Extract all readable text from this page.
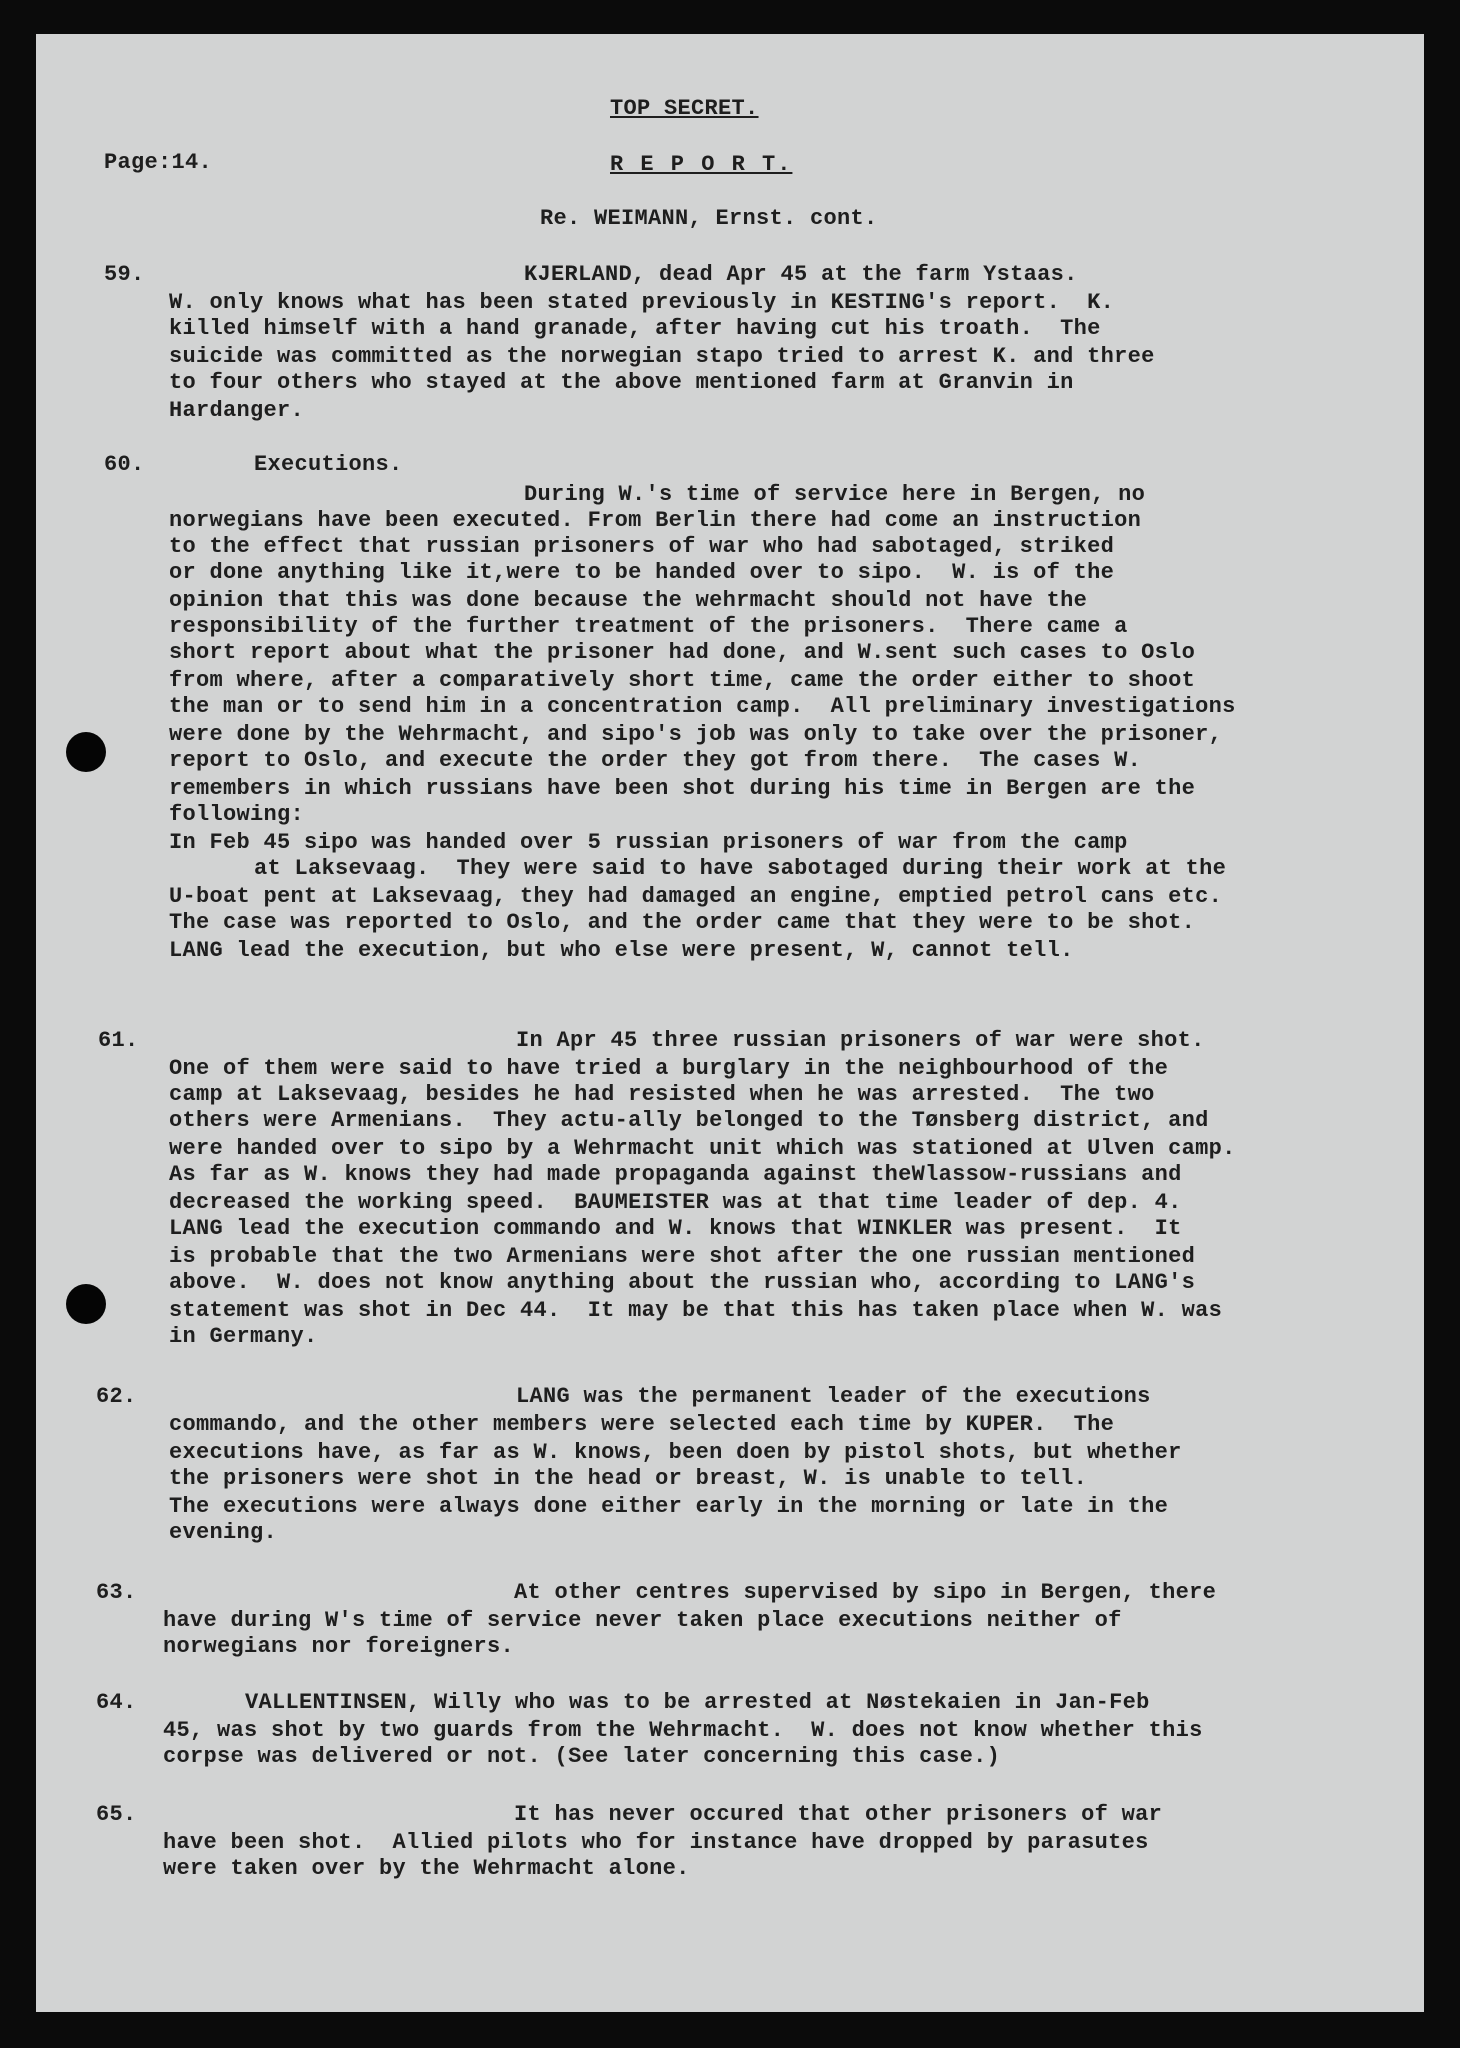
TOP SECRET.
Page:14.	R E P O R T.
Re. WEIMANN, Ernst. cont.
59.	KJERLAND, dead Apr 45 at the farm Ystaas.
W. only knows what has been stated previously in KESTING's report.  K.
killed himself with a hand granade, after having cut his troath.  The
suicide was committed as the norwegian stapo tried to arrest K. and three
to four others who stayed at the above mentioned farm at Granvin in
Hardanger.
60.	Executions.
During W.'s time of service here in Bergen, no
norwegians have been executed. From Berlin there had come an instruction
to the effect that russian prisoners of war who had sabotaged, striked
or done anything like it,were to be handed over to sipo.  W. is of the
opinion that this was done because the wehrmacht should not have the
responsibility of the further treatment of the prisoners.  There came a
short report about what the prisoner had done, and W.sent such cases to Oslo
from where, after a comparatively short time, came the order either to shoot
the man or to send him in a concentration camp.  All preliminary investigations
were done by the Wehrmacht, and sipo's job was only to take over the prisoner,
report to Oslo, and execute the order they got from there.  The cases W.
remembers in which russians have been shot during his time in Bergen are the
following:
In Feb 45 sipo was handed over 5 russian prisoners of war from the camp
at Laksevaag.  They were said to have sabotaged during their work at the
U-boat pent at Laksevaag, they had damaged an engine, emptied petrol cans etc.
The case was reported to Oslo, and the order came that they were to be shot.
LANG lead the execution, but who else were present, W, cannot tell.
61.	In Apr 45 three russian prisoners of war were shot.
One of them were said to have tried a burglary in the neighbourhood of the
camp at Laksevaag, besides he had resisted when he was arrested.  The two
others were Armenians.  They actu-ally belonged to the Tønsberg district, and
were handed over to sipo by a Wehrmacht unit which was stationed at Ulven camp.
As far as W. knows they had made propaganda against theWlassow-russians and
decreased the working speed.  BAUMEISTER was at that time leader of dep. 4.
LANG lead the execution commando and W. knows that WINKLER was present.  It
is probable that the two Armenians were shot after the one russian mentioned
above.  W. does not know anything about the russian who, according to LANG's
statement was shot in Dec 44.  It may be that this has taken place when W. was
in Germany.
62.	LANG was the permanent leader of the executions
commando, and the other members were selected each time by KUPER.  The
executions have, as far as W. knows, been doen by pistol shots, but whether
the prisoners were shot in the head or breast, W. is unable to tell.
The executions were always done either early in the morning or late in the
evening.
63.	At other centres supervised by sipo in Bergen, there
have during W's time of service never taken place executions neither of
norwegians nor foreigners.
64.	VALLENTINSEN, Willy who was to be arrested at Nøstekaien in Jan-Feb
45, was shot by two guards from the Wehrmacht.  W. does not know whether this
corpse was delivered or not. (See later concerning this case.)
65.	It has never occured that other prisoners of war
have been shot.  Allied pilots who for instance have dropped by parasutes
were taken over by the Wehrmacht alone.
